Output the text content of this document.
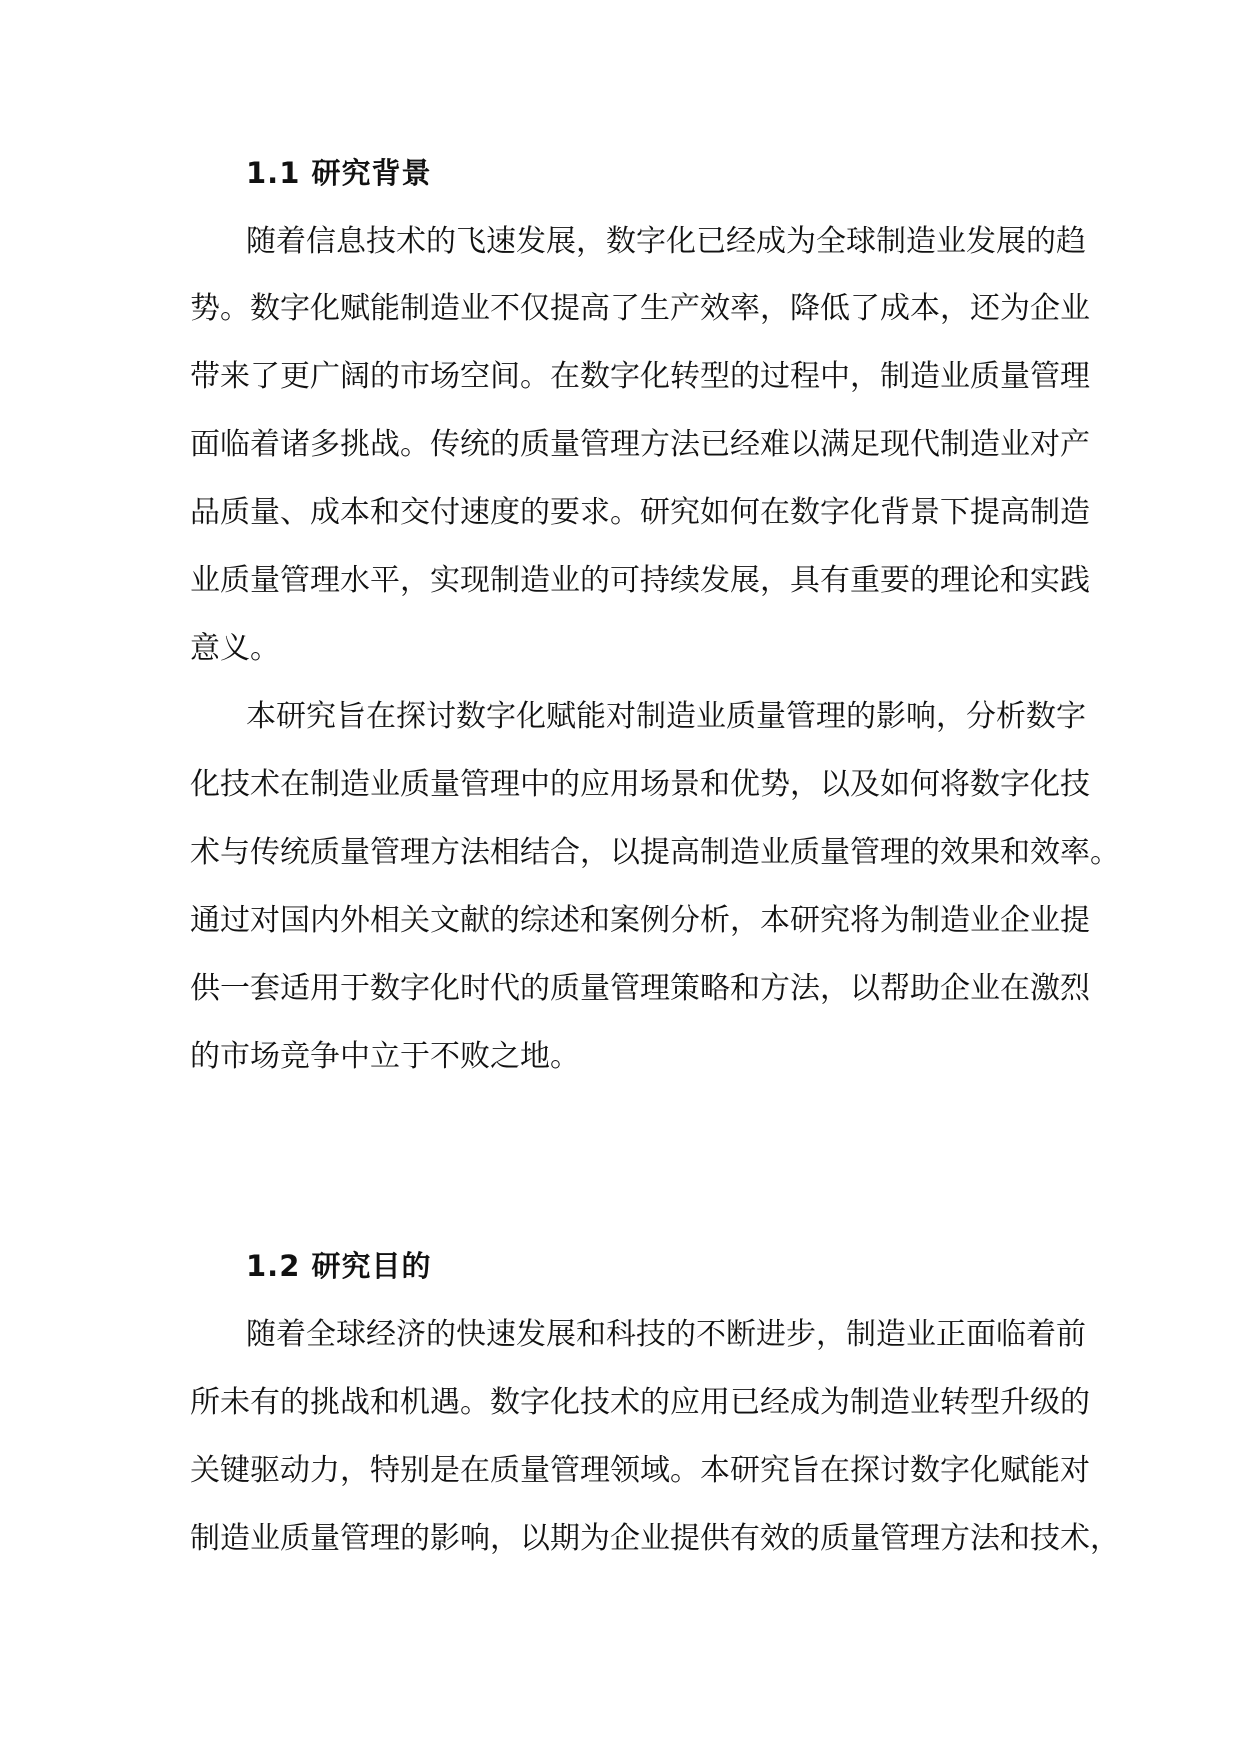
1.1 研究背景

随着信息技术的飞速发展，数字化已经成为全球制造业发展的趋

势。数字化赋能制造业不仅提高了生产效率，降低了成本，还为企业

带来了更广阔的市场空间。在数字化转型的过程中，制造业质量管理

面临着诸多挑战。传统的质量管理方法已经难以满足现代制造业对产

品质量、成本和交付速度的要求。研究如何在数字化背景下提高制造

业质量管理水平，实现制造业的可持续发展，具有重要的理论和实践

意义。

本研究旨在探讨数字化赋能对制造业质量管理的影响，分析数字

化技术在制造业质量管理中的应用场景和优势，以及如何将数字化技

术与传统质量管理方法相结合，以提高制造业质量管理的效果和效率。

通过对国内外相关文献的综述和案例分析，本研究将为制造业企业提

供一套适用于数字化时代的质量管理策略和方法，以帮助企业在激烈

的市场竞争中立于不败之地。

1.2 研究目的

随着全球经济的快速发展和科技的不断进步，制造业正面临着前

所未有的挑战和机遇。数字化技术的应用已经成为制造业转型升级的

关键驱动力，特别是在质量管理领域。本研究旨在探讨数字化赋能对

制造业质量管理的影响，以期为企业提供有效的质量管理方法和技术，
